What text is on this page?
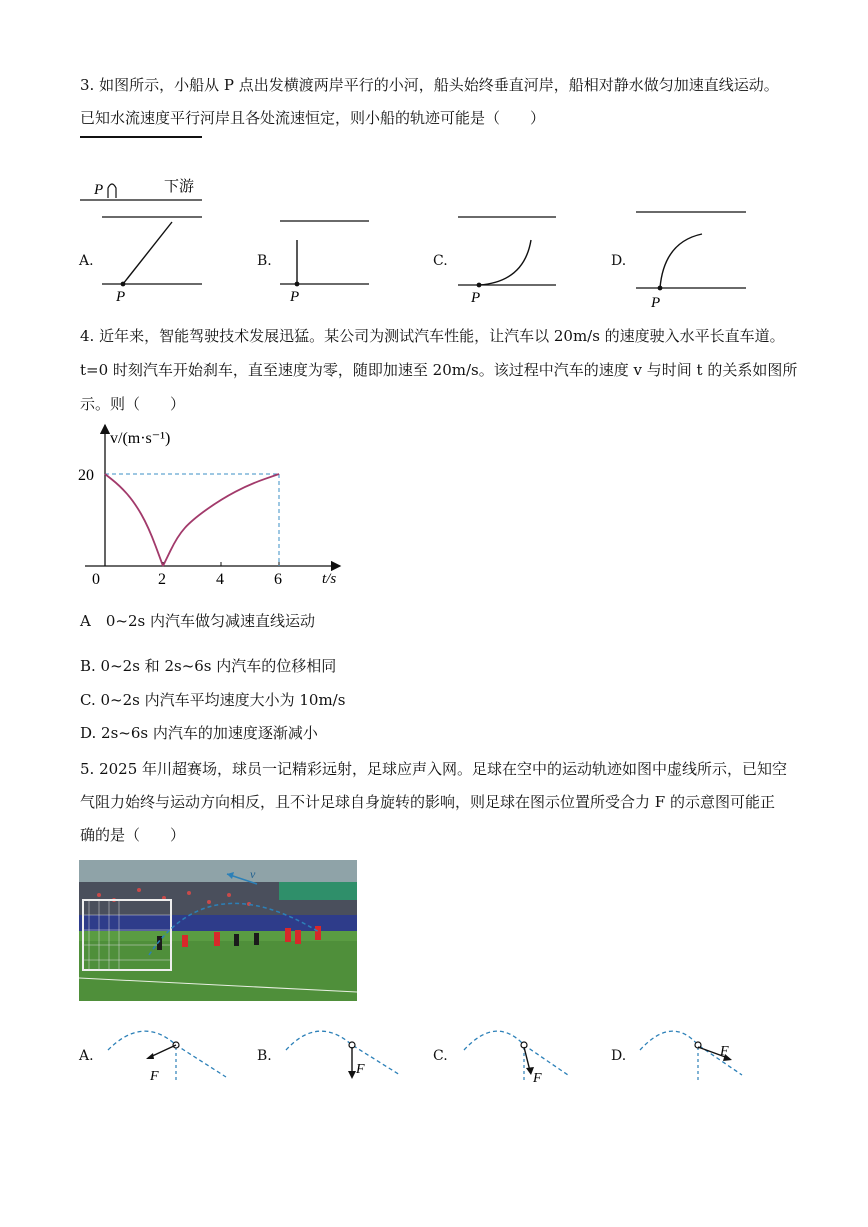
3. 如图所示，小船从 P 点出发横渡两岸平行的小河，船头始终垂直河岸，船相对静水做匀加速直线运动。
已知水流速度平行河岸且各处流速恒定，则小船的轨迹可能是（　　）
P	下游
P	P	P	P
A.	B.	C.	D.
4. 近年来，智能驾驶技术发展迅猛。某公司为测试汽车性能，让汽车以 20m/s 的速度驶入水平长直车道。
t=0 时刻汽车开始刹车，直至速度为零，随即加速至 20m/s。该过程中汽车的速度 v 与时间 t 的关系如图所
示。则（　　）
v/(m·s⁻¹)
t/s
0	2	4	6
20
A　0~2s 内汽车做匀减速直线运动
B. 0~2s 和 2s~6s 内汽车的位移相同
C. 0~2s 内汽车平均速度大小为 10m/s
D. 2s~6s 内汽车的加速度逐渐减小
5. 2025 年川超赛场，球员一记精彩远射，足球应声入网。足球在空中的运动轨迹如图中虚线所示，已知空
气阻力始终与运动方向相反，且不计足球自身旋转的影响，则足球在图示位置所受合力 F 的示意图可能正
确的是（　　）
v
F	F
F
F
A.	B.	C.	D.
